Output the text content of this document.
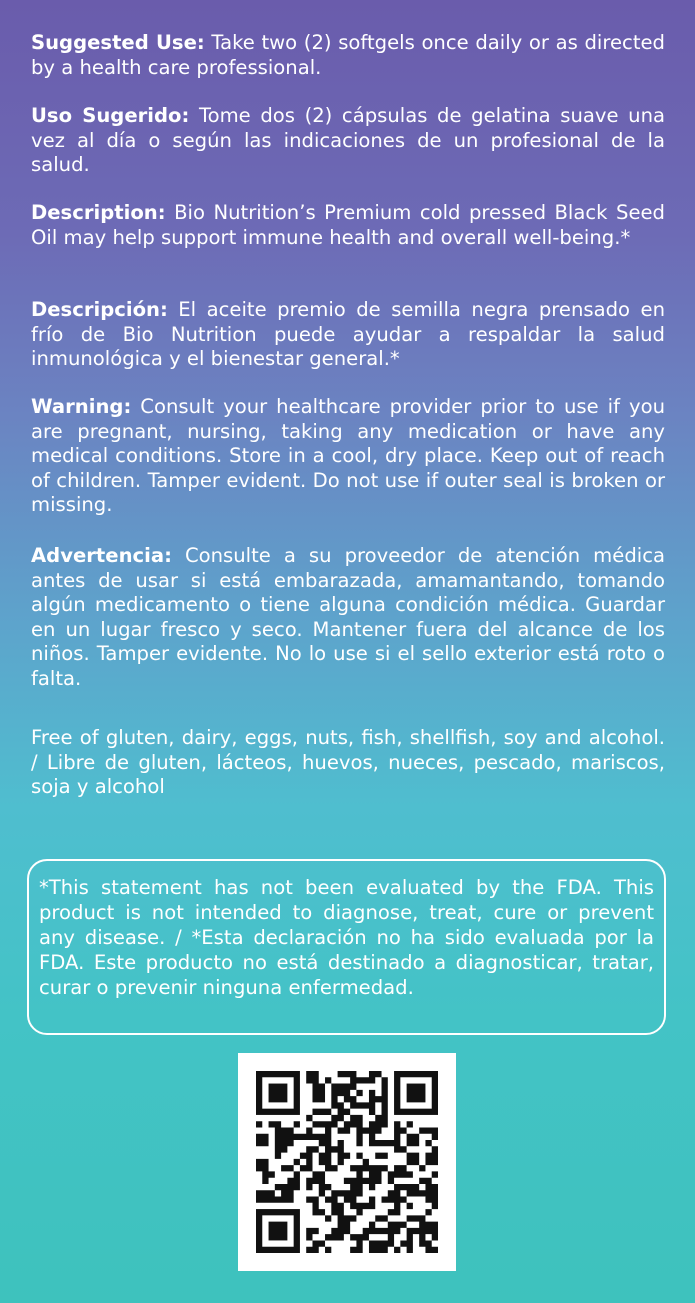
Suggested Use: Take two (2) softgels once daily or as directed by a health care professional.

Uso Sugerido: Tome dos (2) cápsulas de gelatina suave una vez al día o según las indicaciones de un profesional de la salud.

Description: Bio Nutrition’s Premium cold pressed Black Seed Oil may help support immune health and overall well-being.*

Descripción: El aceite premio de semilla negra prensado en frío de Bio Nutrition puede ayudar a respaldar la salud inmunológica y el bienestar general.*

Warning: Consult your healthcare provider prior to use if you are pregnant, nursing, taking any medication or have any medical conditions. Store in a cool, dry place. Keep out of reach of children. Tamper evident. Do not use if outer seal is broken or missing.

Advertencia: Consulte a su proveedor de atención médica antes de usar si está embarazada, amamantando, tomando algún medicamento o tiene alguna condición médica. Guardar en un lugar fresco y seco. Mantener fuera del alcance de los niños. Tamper evidente. No lo use si el sello exterior está roto o falta.

Free of gluten, dairy, eggs, nuts, fish, shellfish, soy and alcohol. / Libre de gluten, lácteos, huevos, nueces, pescado, mariscos, soja y alcohol

*This statement has not been evaluated by the FDA. This product is not intended to diagnose, treat, cure or prevent any disease. / *Esta declaración no ha sido evaluada por la FDA. Este producto no está destinado a diagnosticar, tratar, curar o prevenir ninguna enfermedad.
